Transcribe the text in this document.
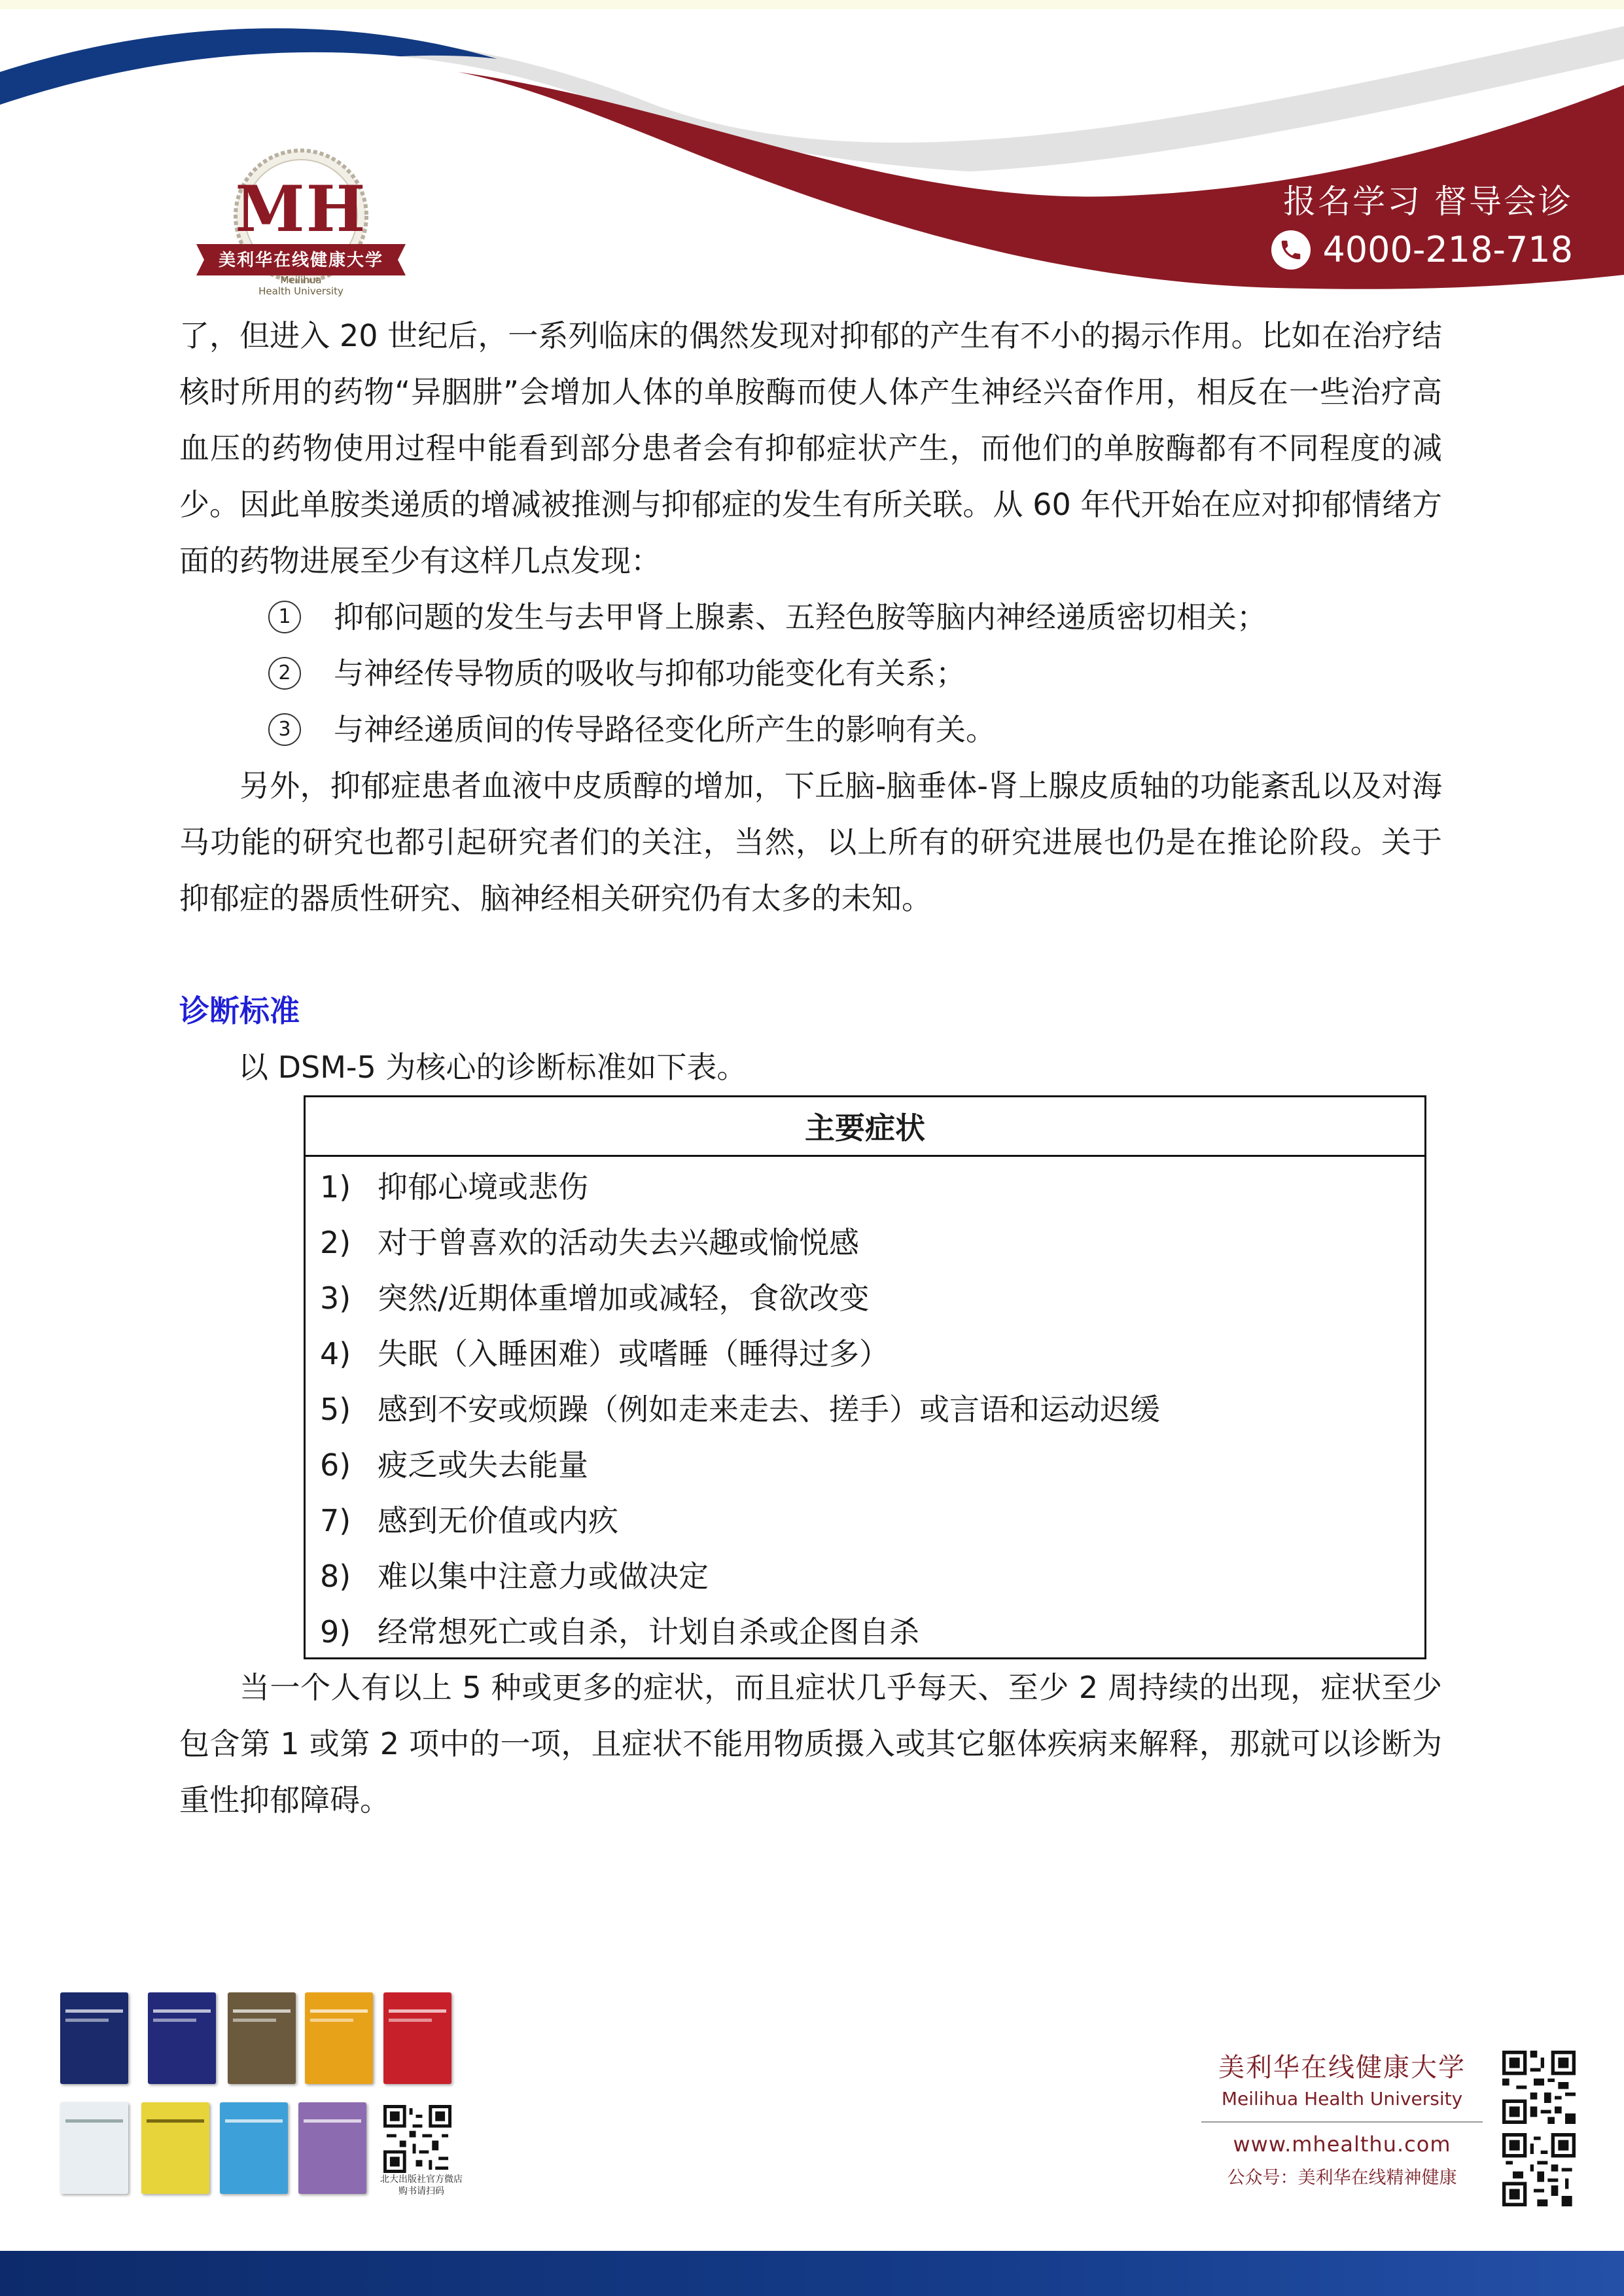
MH
美利华在线健康大学
Meilihua
Health University
报名学习 督导会诊
4000-218-718

了，但进入 20 世纪后，一系列临床的偶然发现对抑郁的产生有不小的揭示作用。比如在治疗结核时所用的药物“异胭肼”会增加人体的单胺酶而使人体产生神经兴奋作用，相反在一些治疗高血压的药物使用过程中能看到部分患者会有抑郁症状产生，而他们的单胺酶都有不同程度的减少。因此单胺类递质的增减被推测与抑郁症的发生有所关联。从 60 年代开始在应对抑郁情绪方面的药物进展至少有这样几点发现：

1	抑郁问题的发生与去甲肾上腺素、五羟色胺等脑内神经递质密切相关；
2	与神经传导物质的吸收与抑郁功能变化有关系；
3	与神经递质间的传导路径变化所产生的影响有关。

另外，抑郁症患者血液中皮质醇的增加，下丘脑-脑垂体-肾上腺皮质轴的功能紊乱以及对海马功能的研究也都引起研究者们的关注，当然，以上所有的研究进展也仍是在推论阶段。关于抑郁症的器质性研究、脑神经相关研究仍有太多的未知。

诊断标准
以 DSM-5 为核心的诊断标准如下表。
主要症状
1) 抑郁心境或悲伤
2) 对于曾喜欢的活动失去兴趣或愉悦感
3) 突然/近期体重增加或减轻，食欲改变
4) 失眠（入睡困难）或嗜睡（睡得过多）
5) 感到不安或烦躁（例如走来走去、搓手）或言语和运动迟缓
6) 疲乏或失去能量
7) 感到无价值或内疚
8) 难以集中注意力或做决定
9) 经常想死亡或自杀，计划自杀或企图自杀

当一个人有以上 5 种或更多的症状，而且症状几乎每天、至少 2 周持续的出现，症状至少包含第 1 或第 2 项中的一项，且症状不能用物质摄入或其它躯体疾病来解释，那就可以诊断为重性抑郁障碍。

北大出版社官方微店
购书请扫码
美利华在线健康大学
Meilihua Health University
www.mhealthu.com
公众号：美利华在线精神健康
